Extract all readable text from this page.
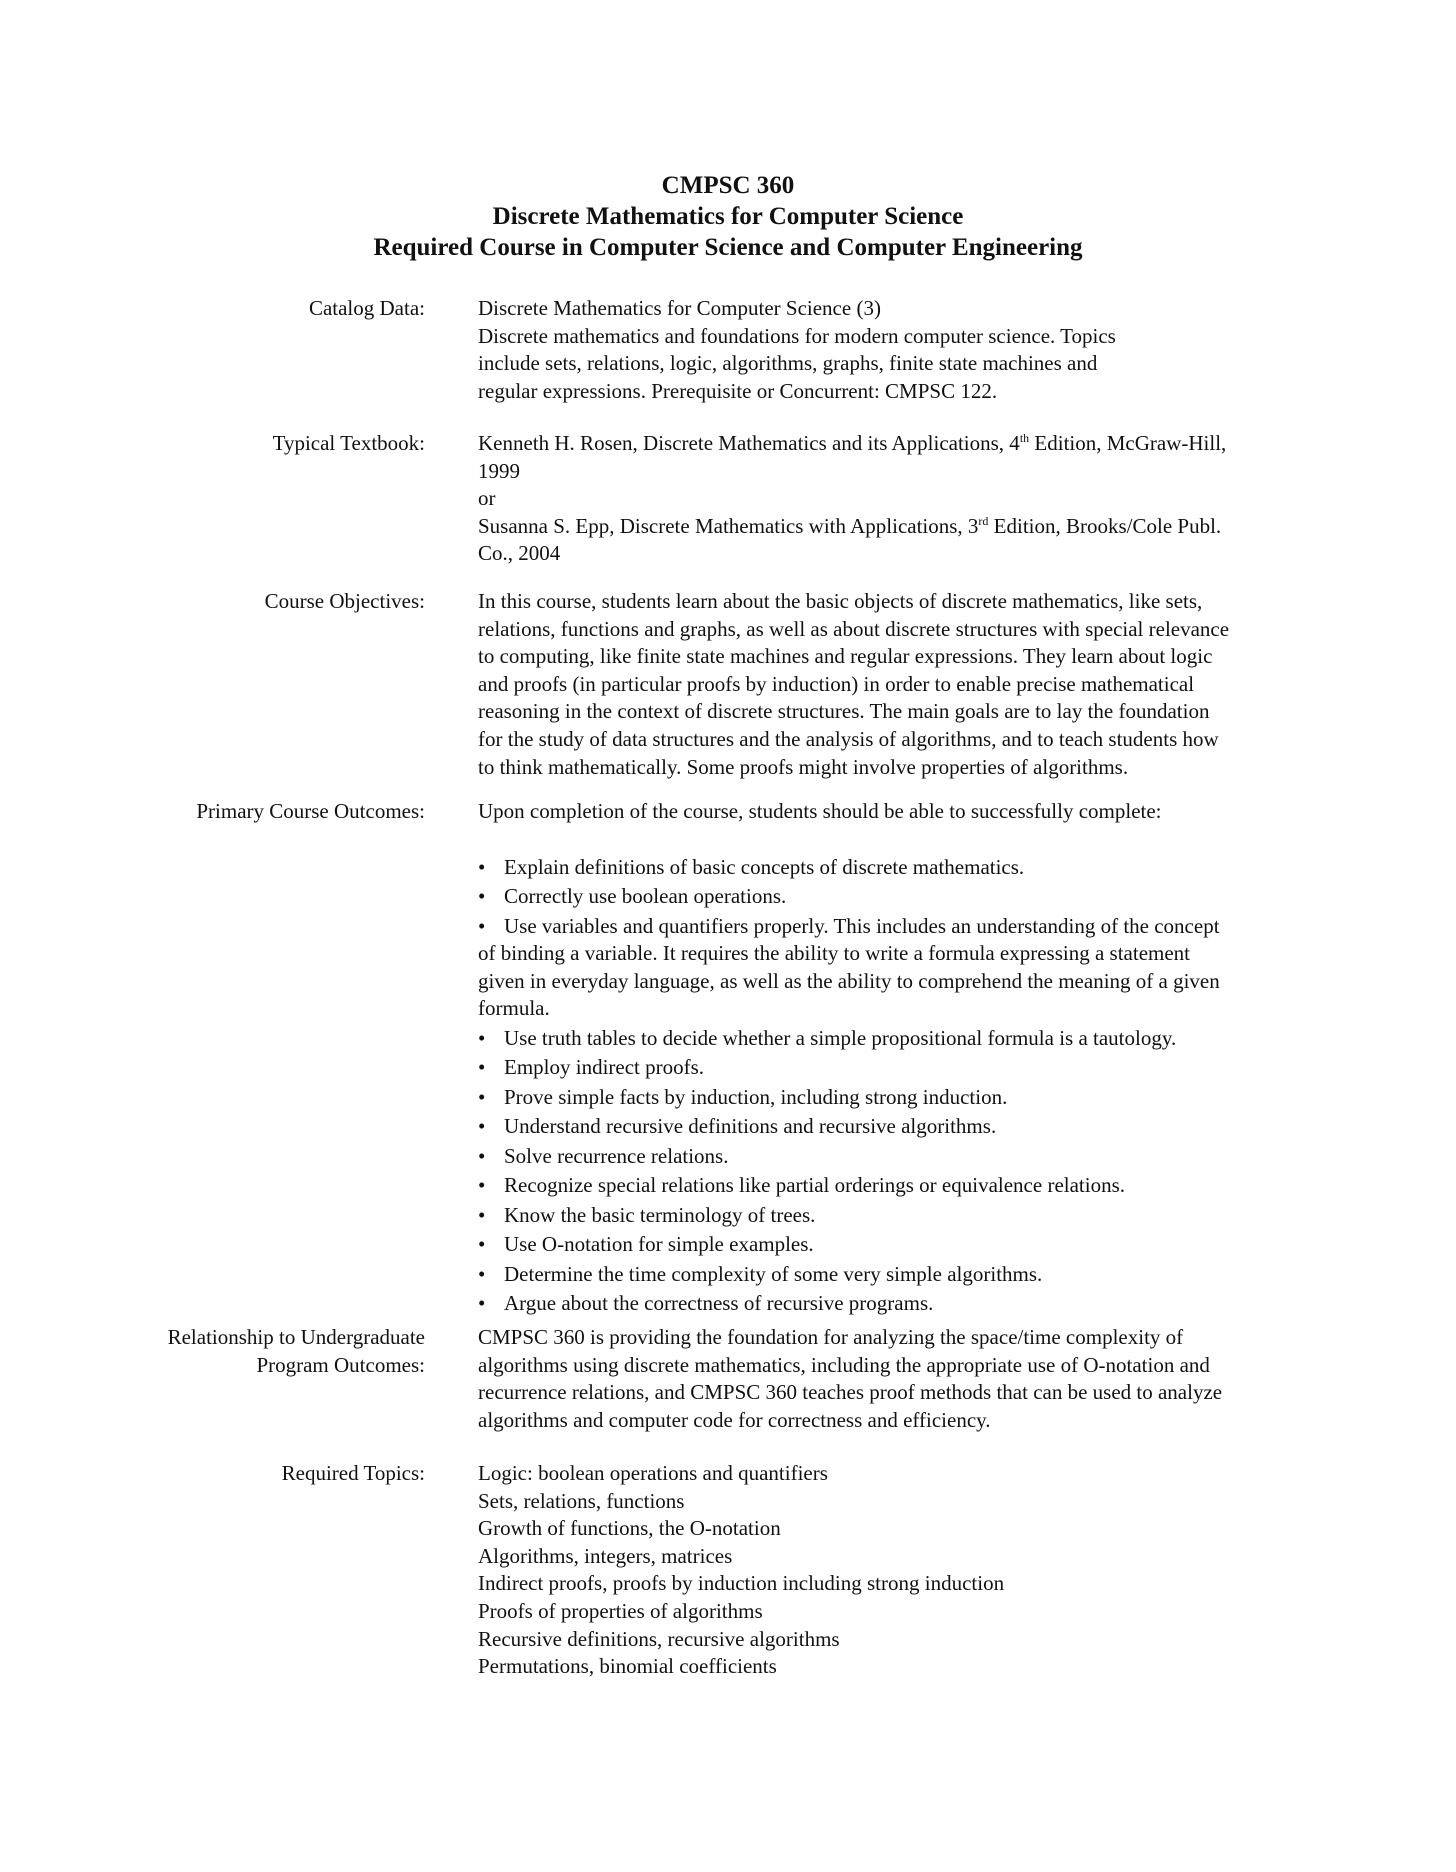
CMPSC 360
Discrete Mathematics for Computer Science
Required Course in Computer Science and Computer Engineering
Catalog Data:	Discrete Mathematics for Computer Science (3)

Discrete mathematics and foundations for modern computer science. Topics

include sets, relations, logic, algorithms, graphs, finite state machines and

regular expressions. Prerequisite or Concurrent: CMPSC 122.

Typical Textbook:	Kenneth H. Rosen, Discrete Mathematics and its Applications, 4th Edition, McGraw-Hill,

1999

or

Susanna S. Epp, Discrete Mathematics with Applications, 3rd Edition, Brooks/Cole Publ.

Co., 2004

Course Objectives:	In this course, students learn about the basic objects of discrete mathematics, like sets,

relations, functions and graphs, as well as about discrete structures with special relevance

to computing, like finite state machines and regular expressions. They learn about logic

and proofs (in particular proofs by induction) in order to enable precise mathematical

reasoning in the context of discrete structures. The main goals are to lay the foundation

for the study of data structures and the analysis of algorithms, and to teach students how

to think mathematically. Some proofs might involve properties of algorithms.

Primary Course Outcomes:	Upon completion of the course, students should be able to successfully complete:

• Explain definitions of basic concepts of discrete mathematics.
• Correctly use boolean operations.
• Use variables and quantifiers properly. This includes an understanding of the concept
of binding a variable. It requires the ability to write a formula expressing a statement
given in everyday language, as well as the ability to comprehend the meaning of a given
formula.
• Use truth tables to decide whether a simple propositional formula is a tautology.
• Employ indirect proofs.
• Prove simple facts by induction, including strong induction.
• Understand recursive definitions and recursive algorithms.
• Solve recurrence relations.
• Recognize special relations like partial orderings or equivalence relations.
• Know the basic terminology of trees.
• Use O-notation for simple examples.
• Determine the time complexity of some very simple algorithms.
• Argue about the correctness of recursive programs.
Relationship to Undergraduate
Program Outcomes:

CMPSC 360 is providing the foundation for analyzing the space/time complexity of

algorithms using discrete mathematics, including the appropriate use of O-notation and

recurrence relations, and CMPSC 360 teaches proof methods that can be used to analyze

algorithms and computer code for correctness and efficiency.

Required Topics:	Logic: boolean operations and quantifiers

Sets, relations, functions

Growth of functions, the O-notation

Algorithms, integers, matrices

Indirect proofs, proofs by induction including strong induction

Proofs of properties of algorithms

Recursive definitions, recursive algorithms

Permutations, binomial coefficients
